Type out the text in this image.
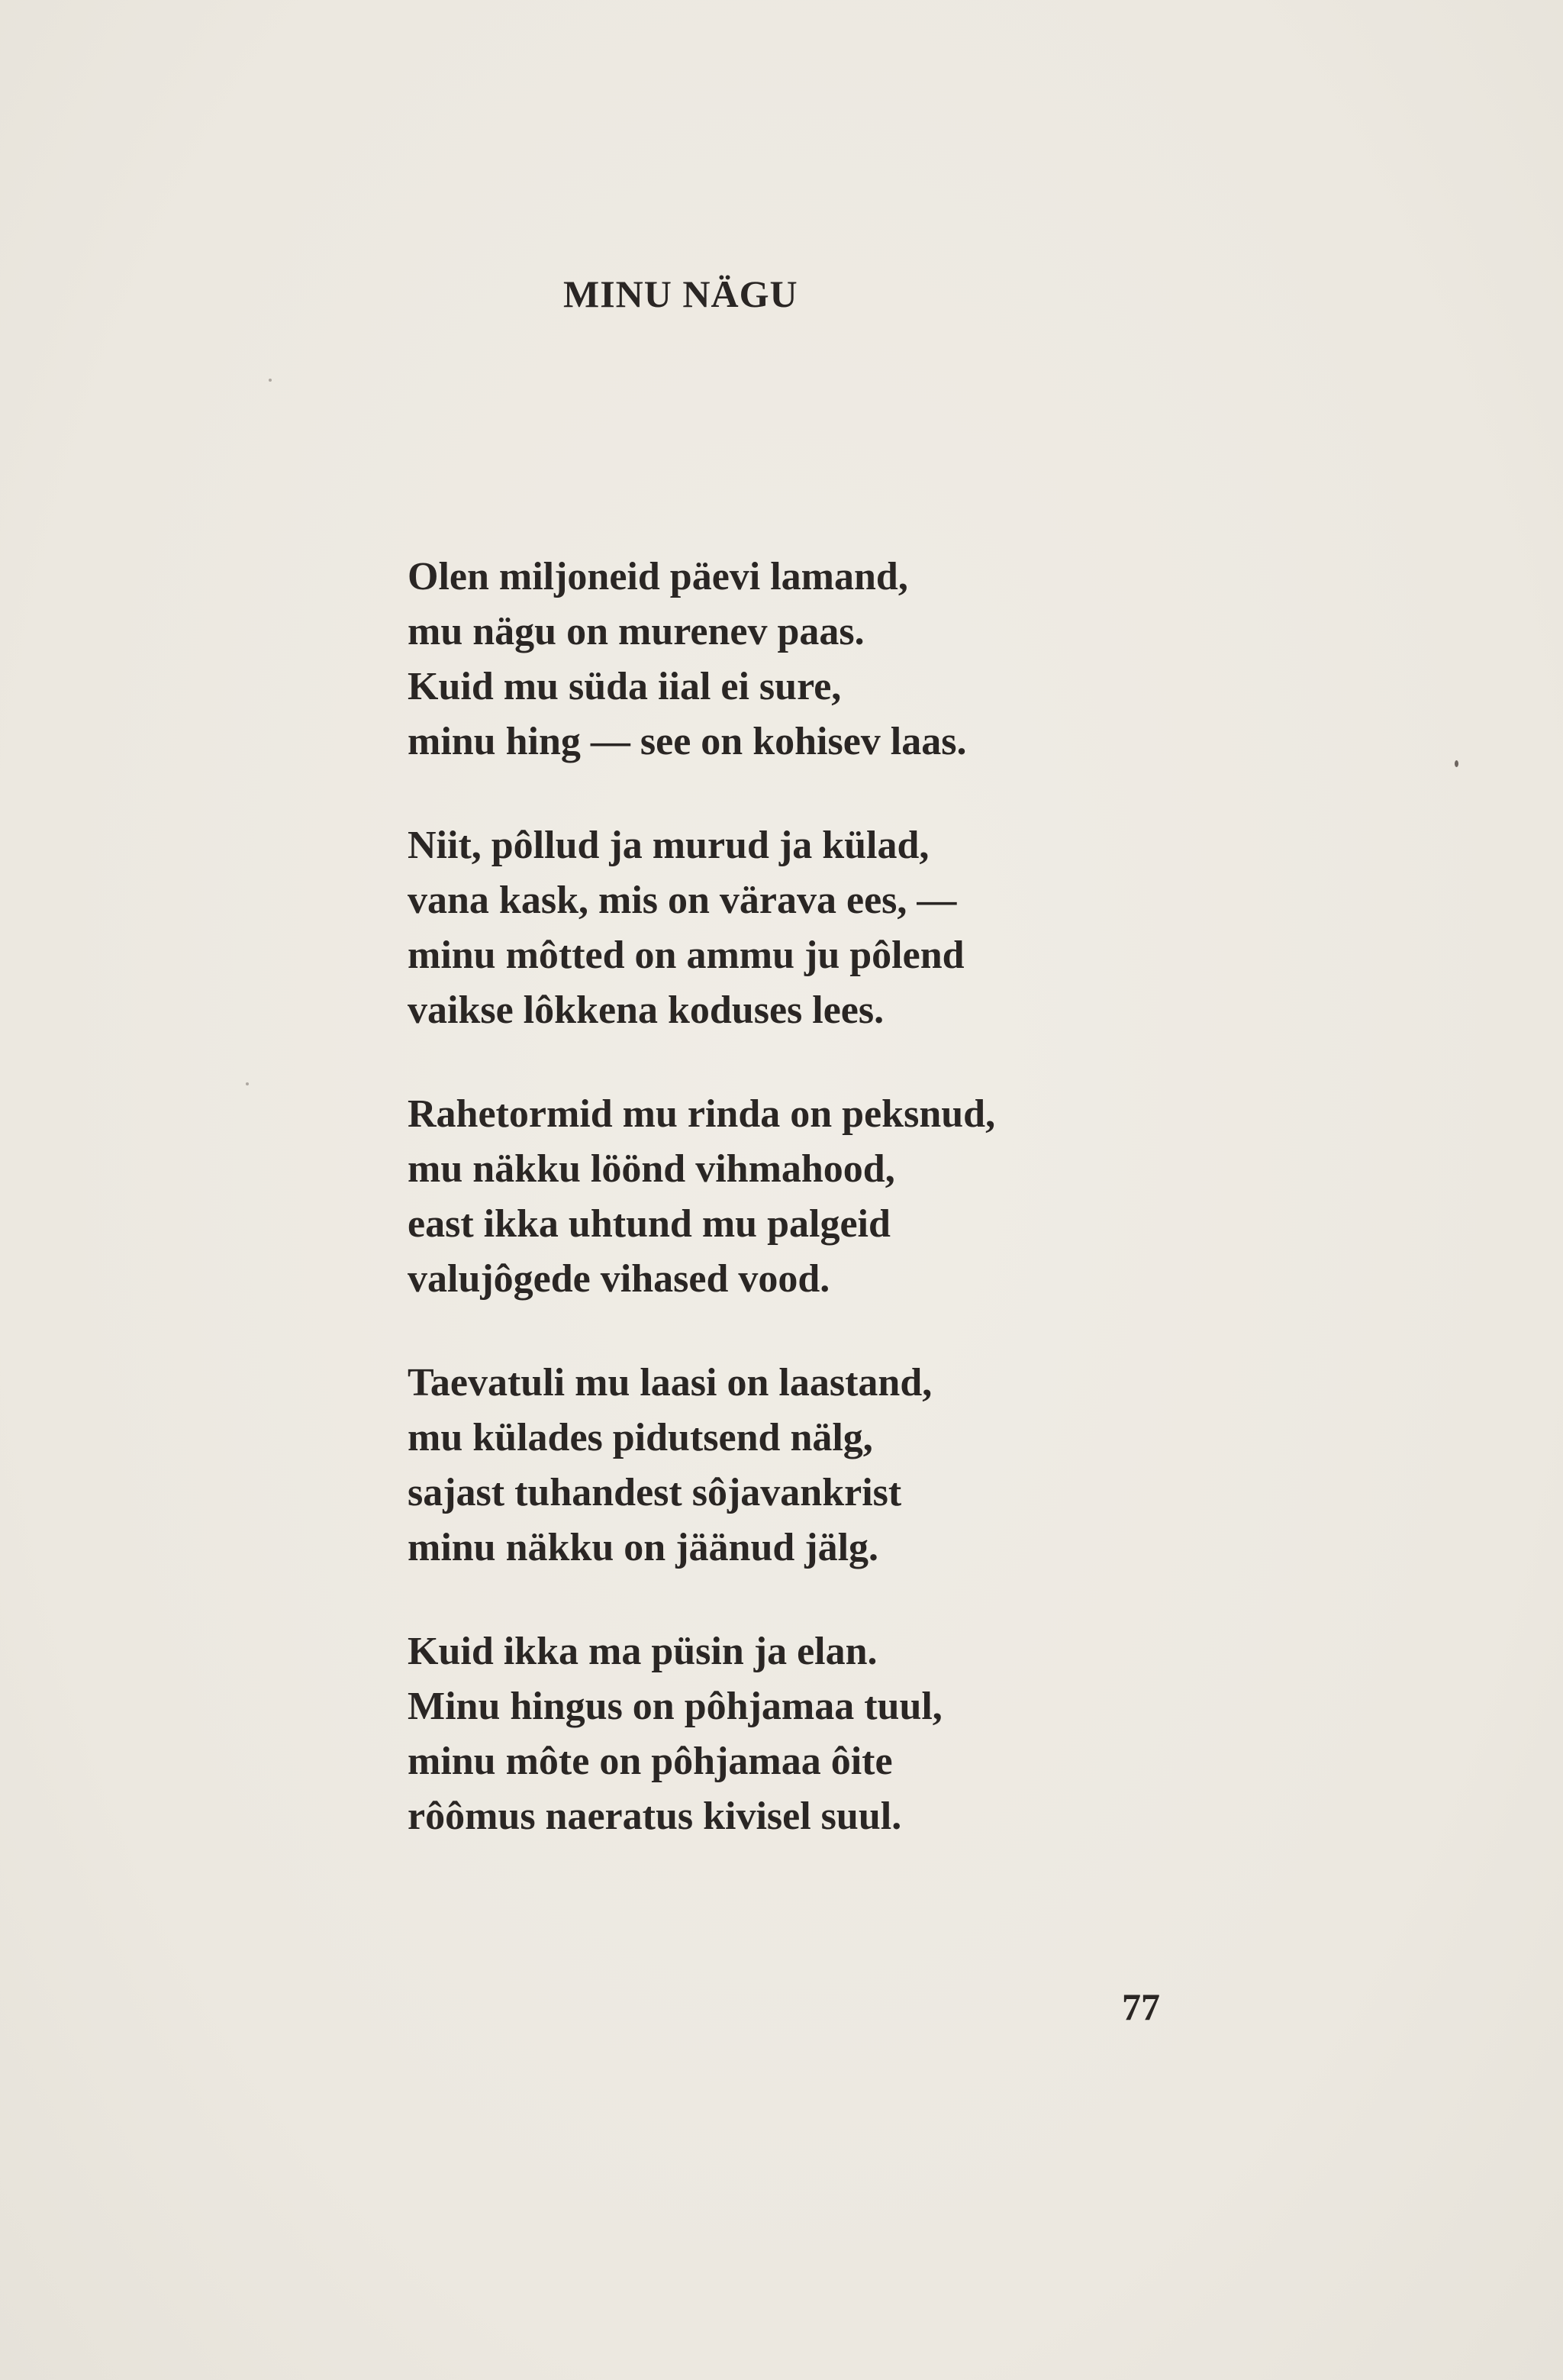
MINU NÄGU
Olen miljoneid päevi lamand,
mu nägu on murenev paas.
Kuid mu süda iial ei sure,
minu hing — see on kohisev laas.
Niit, pôllud ja murud ja külad,
vana kask, mis on värava ees, —
minu môtted on ammu ju pôlend
vaikse lôkkena koduses lees.
Rahetormid mu rinda on peksnud,
mu näkku löönd vihmahood,
east ikka uhtund mu palgeid
valujôgede vihased vood.
Taevatuli mu laasi on laastand,
mu külades pidutsend nälg,
sajast tuhandest sôjavankrist
minu näkku on jäänud jälg.
Kuid ikka ma püsin ja elan.
Minu hingus on pôhjamaa tuul,
minu môte on pôhjamaa ôite
rôômus naeratus kivisel suul.
77
